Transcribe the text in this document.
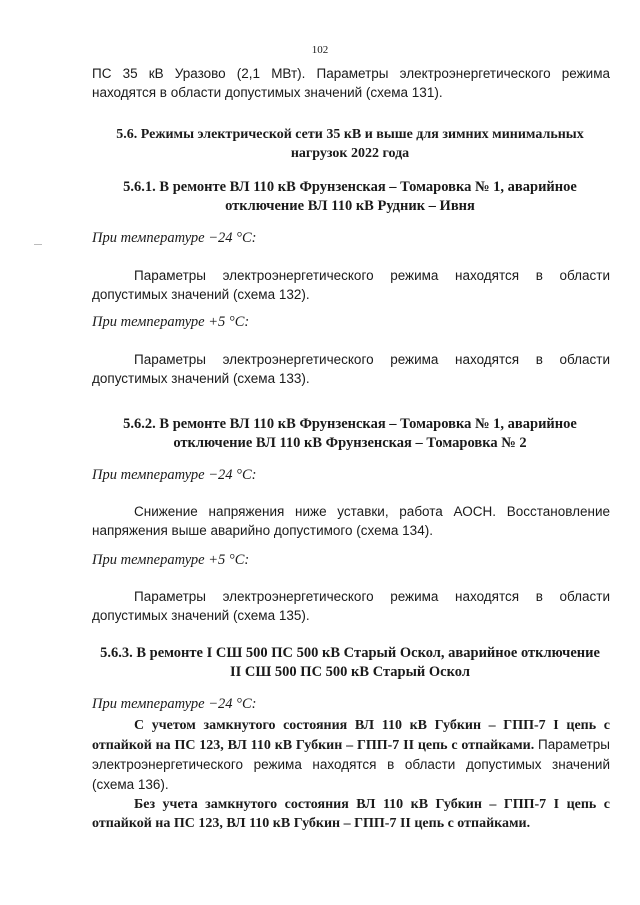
102

ПС 35 кВ Уразово (2,1 МВт). Параметры электроэнергетического режима находятся в области допустимых значений (схема 131).

5.6. Режимы электрической сети 35 кВ и выше для зимних минимальных нагрузок 2022 года

5.6.1. В ремонте ВЛ 110 кВ Фрунзенская – Томаровка № 1, аварийное отключение ВЛ 110 кВ Рудник – Ивня

При температуре −24 °С:

Параметры электроэнергетического режима находятся в области допустимых значений (схема 132).

При температуре +5 °С:

Параметры электроэнергетического режима находятся в области допустимых значений (схема 133).

5.6.2. В ремонте ВЛ 110 кВ Фрунзенская – Томаровка № 1, аварийное отключение ВЛ 110 кВ Фрунзенская – Томаровка № 2

При температуре −24 °С:

Снижение напряжения ниже уставки, работа АОСН. Восстановление напряжения выше аварийно допустимого (схема 134).

При температуре +5 °С:

Параметры электроэнергетического режима находятся в области допустимых значений (схема 135).

5.6.3. В ремонте I СШ 500 ПС 500 кВ Старый Оскол, аварийное отключение II СШ 500 ПС 500 кВ Старый Оскол

При температуре −24 °С:

С учетом замкнутого состояния ВЛ 110 кВ Губкин – ГПП-7 I цепь с отпайкой на ПС 123, ВЛ 110 кВ Губкин – ГПП-7 II цепь с отпайками. Параметры электроэнергетического режима находятся в области допустимых значений (схема 136).

Без учета замкнутого состояния ВЛ 110 кВ Губкин – ГПП-7 I цепь с отпайкой на ПС 123, ВЛ 110 кВ Губкин – ГПП-7 II цепь с отпайками.
